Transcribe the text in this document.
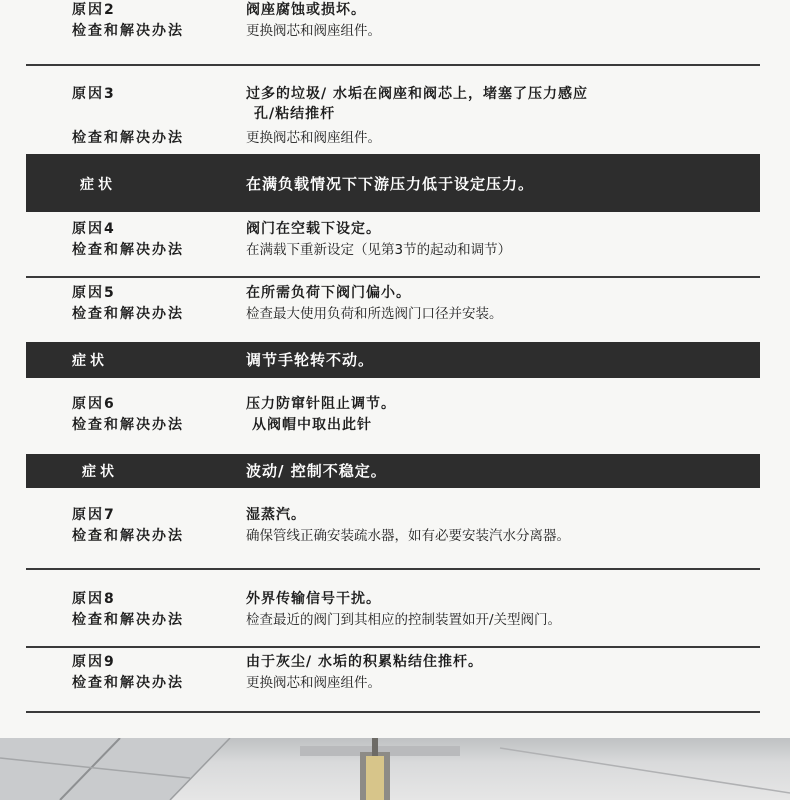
原因2	阀座腐蚀或损坏。
检查和解决办法	更换阀芯和阀座组件。
原因3	过多的垃圾/ 水垢在阀座和阀芯上，堵塞了压力感应
孔/粘结推杆
检查和解决办法	更换阀芯和阀座组件。
症状	在满负载情况下下游压力低于设定压力。
原因4	阀门在空载下设定。
检查和解决办法	在满载下重新设定（见第3节的起动和调节）
原因5	在所需负荷下阀门偏小。
检查和解决办法	检查最大使用负荷和所选阀门口径并安装。
症状	调节手轮转不动。
原因6	压力防窜针阻止调节。
检查和解决办法	从阀帽中取出此针
症状	波动/ 控制不稳定。
原因7	湿蒸汽。
检查和解决办法	确保管线正确安装疏水器，如有必要安装汽水分离器。
原因8	外界传输信号干扰。
检查和解决办法	检查最近的阀门到其相应的控制装置如开/关型阀门。
原因9	由于灰尘/ 水垢的积累粘结住推杆。
检查和解决办法	更换阀芯和阀座组件。
